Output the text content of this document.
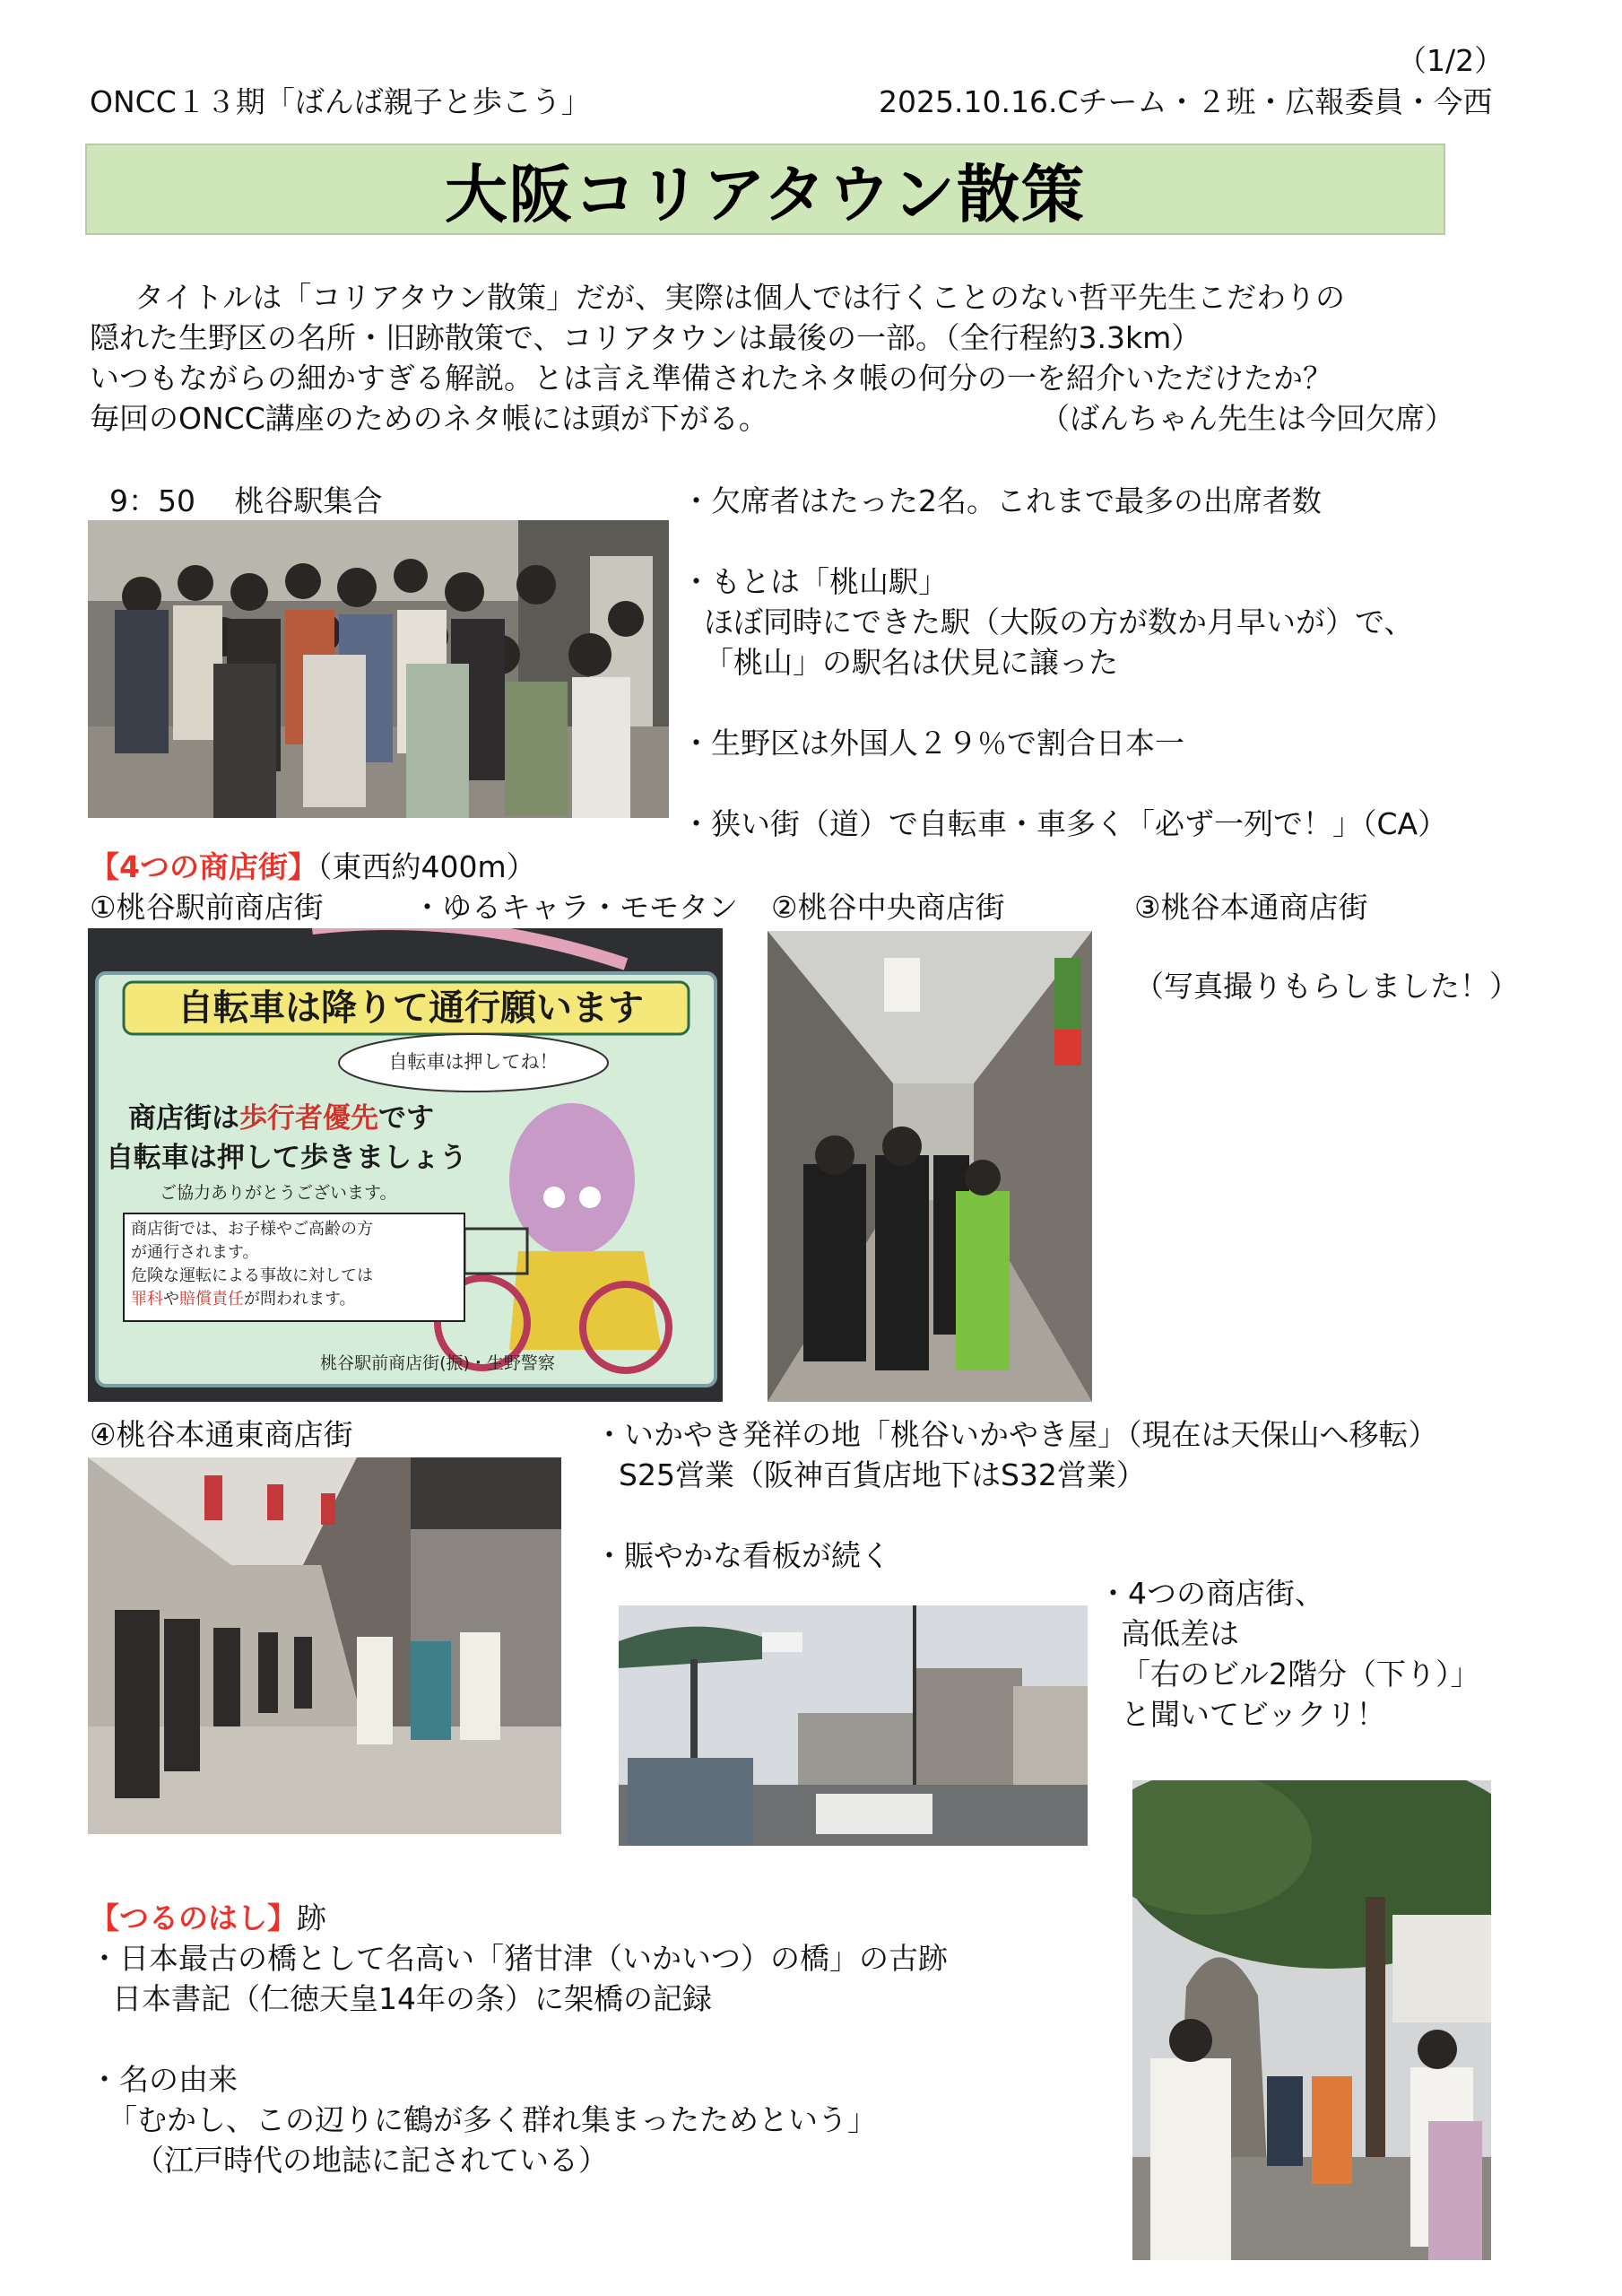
（1/2）
ONCC１３期「ばんば親子と歩こう」	2025.10.16.Cチーム・２班・広報委員・今西
大阪コリアタウン散策
タイトルは「コリアタウン散策」だが、実際は個人では行くことのない哲平先生こだわりの
隠れた生野区の名所・旧跡散策で、コリアタウンは最後の一部。（全行程約3.3km）
いつもながらの細かすぎる解説。とは言え準備されたネタ帳の何分の一を紹介いただけたか？
毎回のONCC講座のためのネタ帳には頭が下がる。	（ばんちゃん先生は今回欠席）
9：50　 桃谷駅集合	・欠席者はたった2名。これまで最多の出席者数
・もとは「桃山駅」
ほぼ同時にできた駅（大阪の方が数か月早いが）で、
「桃山」の駅名は伏見に譲った
・生野区は外国人２９％で割合日本一
・狭い街（道）で自転車・車多く「必ず一列で！」（CA）
【4つの商店街】（東西約400m）
①桃谷駅前商店街	・ゆるキャラ・モモタン ②桃谷中央商店街	③桃谷本通商店街
（写真撮りもらしました！）
自転車は降りて通行願います
自転車は押してね！
商店街は歩行者優先です
自転車は押して歩きましょう
ご協力ありがとうございます。
商店街では、お子様やご高齢の方
が通行されます。
危険な運転による事故に対しては
罪科や賠償責任が問われます。
桃谷駅前商店街(振)・生野警察
④桃谷本通東商店街	・いかやき発祥の地「桃谷いかやき屋」（現在は天保山へ移転）
S25営業（阪神百貨店地下はS32営業）
・賑やかな看板が続く
・4つの商店街、
高低差は
「右のビル2階分（下り）」
と聞いてビックリ！
【つるのはし】跡
・日本最古の橋として名高い「猪甘津（いかいつ）の橋」の古跡
日本書記（仁徳天皇14年の条）に架橋の記録
・名の由来
「むかし、この辺りに鶴が多く群れ集まったためという」
（江戸時代の地誌に記されている）
